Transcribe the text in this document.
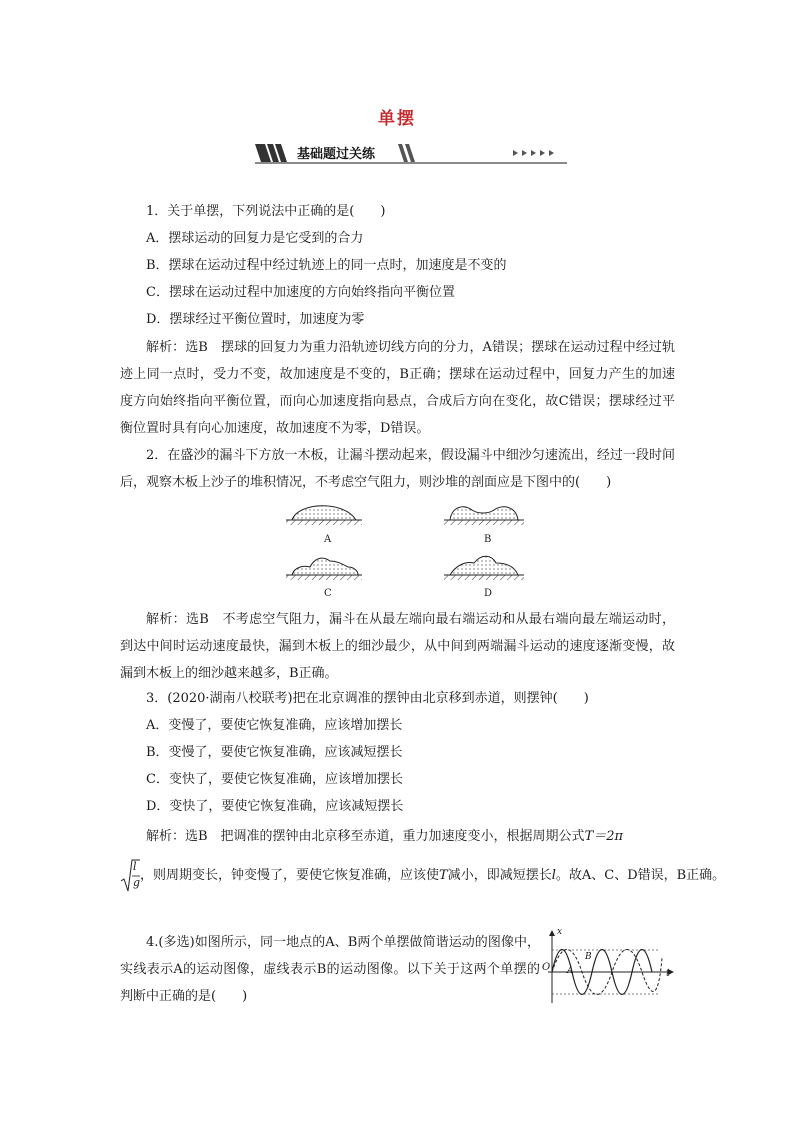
单摆
基础题过关练
1．关于单摆，下列说法中正确的是(　　)
A．摆球运动的回复力是它受到的合力
B．摆球在运动过程中经过轨迹上的同一点时，加速度是不变的
C．摆球在运动过程中加速度的方向始终指向平衡位置
D．摆球经过平衡位置时，加速度为零
解析：选B　摆球的回复力为重力沿轨迹切线方向的分力，A错误；摆球在运动过程中经过轨迹上同一点时，受力不变，故加速度是不变的，B正确；摆球在运动过程中，回复力产生的加速度方向始终指向平衡位置，而向心加速度指向悬点，合成后方向在变化，故C错误；摆球经过平衡位置时具有向心加速度，故加速度不为零，D错误。
2．在盛沙的漏斗下方放一木板，让漏斗摆动起来，假设漏斗中细沙匀速流出，经过一段时间后，观察木板上沙子的堆积情况，不考虑空气阻力，则沙堆的剖面应是下图中的(　　)
A	B
C	D
解析：选B　不考虑空气阻力，漏斗在从最左端向最右端运动和从最右端向最左端运动时，到达中间时运动速度最快，漏到木板上的细沙最少，从中间到两端漏斗运动的速度逐渐变慢，故漏到木板上的细沙越来越多，B正确。
3．(2020·湖南八校联考)把在北京调准的摆钟由北京移到赤道，则摆钟(　　)
A．变慢了，要使它恢复准确，应该增加摆长
B．变慢了，要使它恢复准确，应该减短摆长
C．变快了，要使它恢复准确，应该增加摆长
D．变快了，要使它恢复准确，应该减短摆长
解析：选B　把调准的摆钟由北京移至赤道，重力加速度变小，根据周期公式T＝2π
l
g ，则周期变长，钟变慢了，要使它恢复准确，应该使T减小，即减短摆长l。故A、C、D错误，B正确。
4.(多选)如图所示，同一地点的A、B两个单摆做简谐运动的图像中，实线表示A的运动图像，虚线表示B的运动图像。以下关于这两个单摆的判断中正确的是(　　)
x
t
O A
B
